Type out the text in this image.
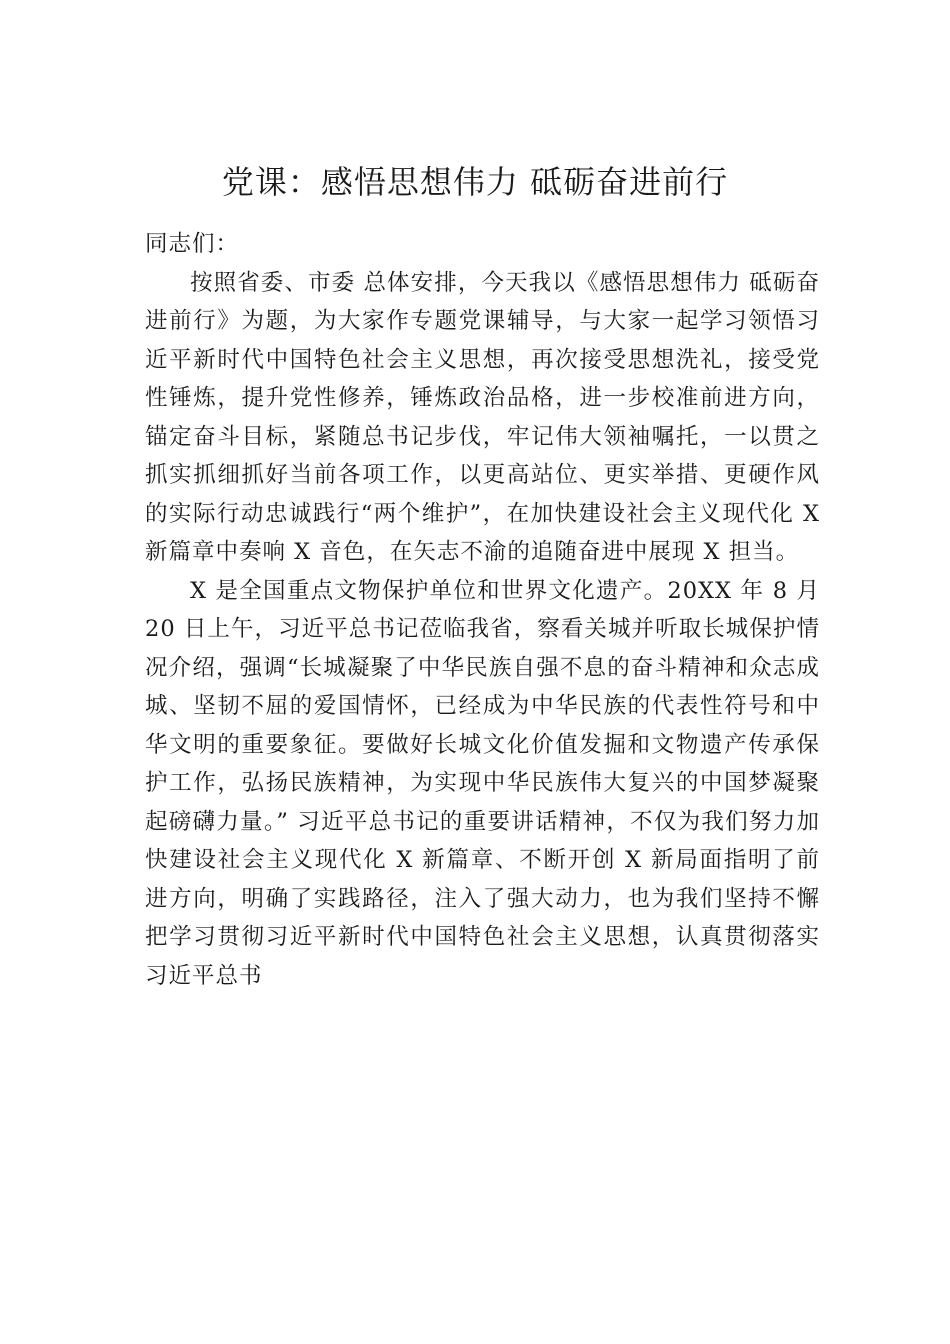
党课：感悟思想伟力 砥砺奋进前行

同志们：

按照省委、市委 总体安排，今天我以《感悟思想伟力 砥砺奋进前行》为题，为大家作专题党课辅导，与大家一起学习领悟习近平新时代中国特色社会主义思想，再次接受思想洗礼，接受党性锤炼，提升党性修养，锤炼政治品格，进一步校准前进方向，锚定奋斗目标，紧随总书记步伐，牢记伟大领袖嘱托，一以贯之抓实抓细抓好当前各项工作，以更高站位、更实举措、更硬作风的实际行动忠诚践行“两个维护”，在加快建设社会主义现代化 X 新篇章中奏响 X 音色，在矢志不渝的追随奋进中展现 X 担当。

X 是全国重点文物保护单位和世界文化遗产。20XX 年 8 月 20 日上午，习近平总书记莅临我省，察看关城并听取长城保护情况介绍，强调“长城凝聚了中华民族自强不息的奋斗精神和众志成城、坚韧不屈的爱国情怀，已经成为中华民族的代表性符号和中华文明的重要象征。要做好长城文化价值发掘和文物遗产传承保护工作，弘扬民族精神，为实现中华民族伟大复兴的中国梦凝聚起磅礴力量。” 习近平总书记的重要讲话精神，不仅为我们努力加快建设社会主义现代化 X 新篇章、不断开创 X 新局面指明了前进方向，明确了实践路径，注入了强大动力，也为我们坚持不懈把学习贯彻习近平新时代中国特色社会主义思想，认真贯彻落实习近平总书
